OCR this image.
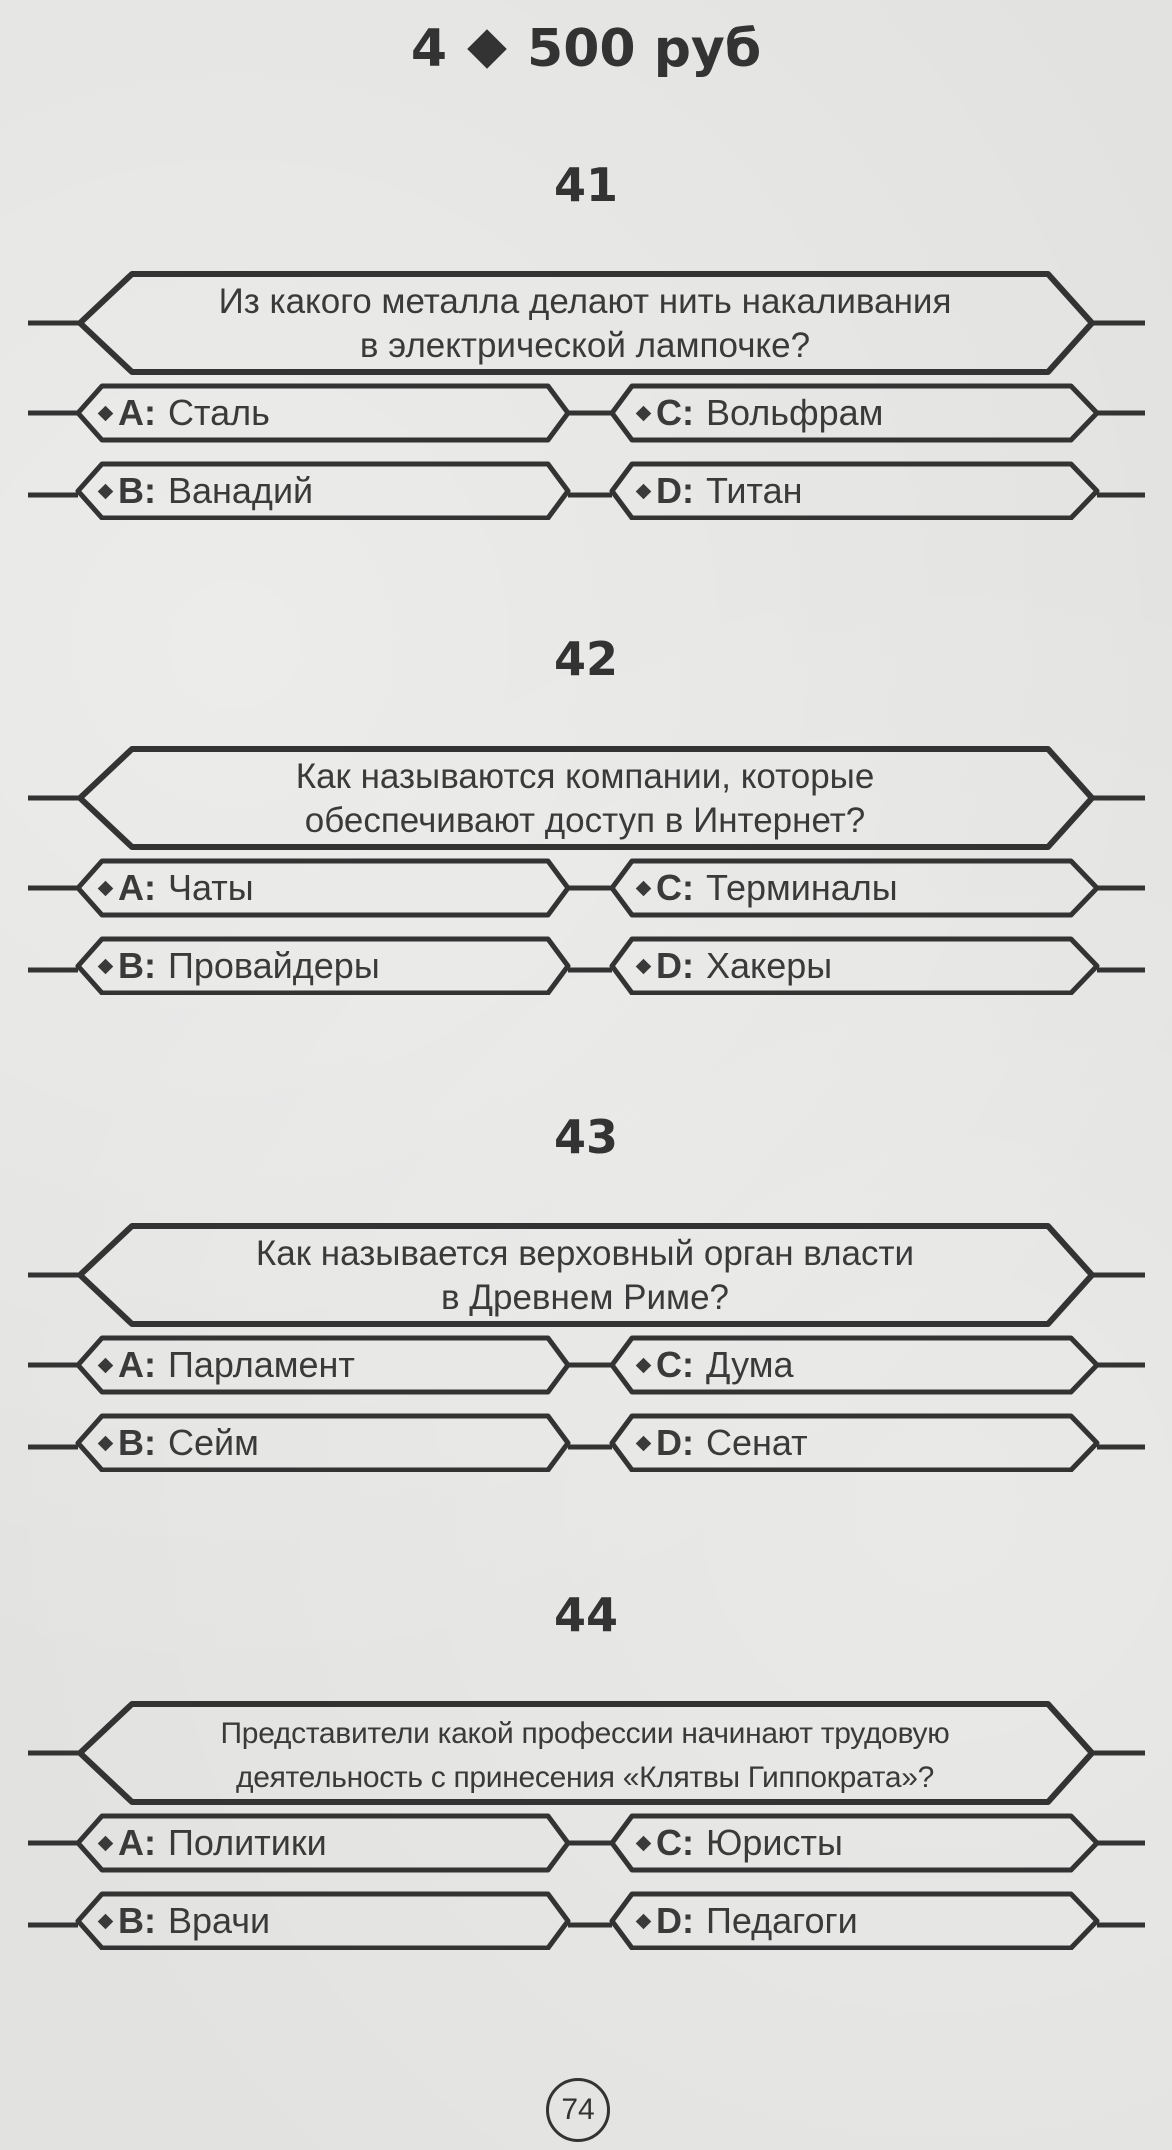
4 500 руб
41
Из какого металла делают нить накаливания
в электрической лампочке?
A: Сталь	C: Вольфрам
B: Ванадий	D: Титан
42
Как называются компании, которые
обеспечивают доступ в Интернет?
A: Чаты	C: Терминалы
B: Провайдеры	D: Хакеры
43
Как называется верховный орган власти
в Древнем Риме?
A: Парламент	C: Дума
B: Сейм	D: Сенат
44
Представители какой профессии начинают трудовую
деятельность с принесения «Клятвы Гиппократа»?
A: Политики	C: Юристы
B: Врачи	D: Педагоги
74
